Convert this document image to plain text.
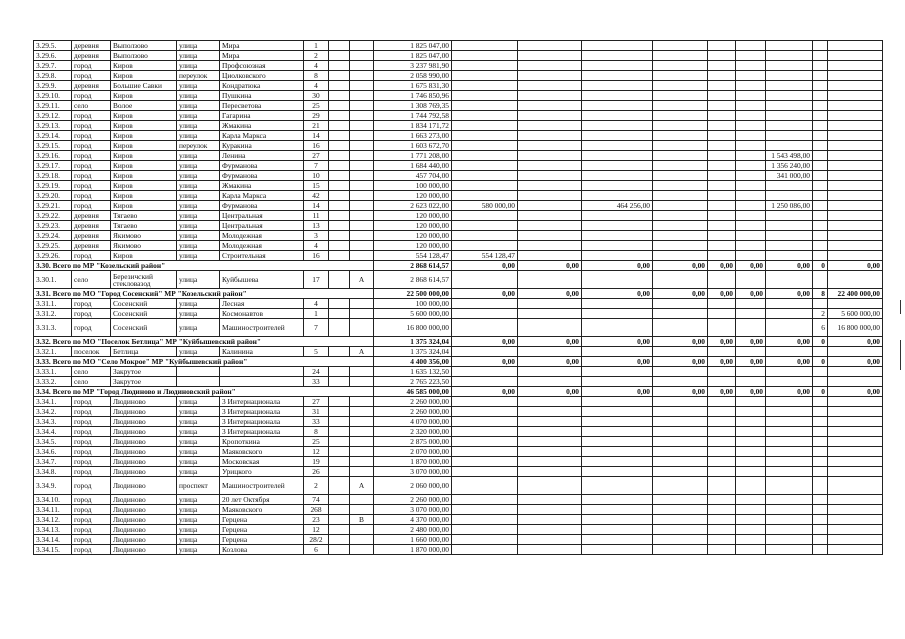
3.29.5.	деревня	Выползово	улица	Мира	1			1 825 047,00									
3.29.6.	деревня	Выползово	улица	Мира	2			1 825 047,00									
3.29.7.	город	Киров	улица	Профсоюзная	4			3 237 981,90									
3.29.8.	город	Киров	переулок	Циолковского	8			2 058 990,00									
3.29.9.	деревня	Большие Савки	улица	Кондратюка	4			1 675 831,30									
3.29.10.	город	Киров	улица	Пушкина	30			1 746 850,96									
3.29.11.	село	Волое	улица	Пересветова	25			1 308 769,35									
3.29.12.	город	Киров	улица	Гагарина	29			1 744 792,58									
3.29.13.	город	Киров	улица	Жмакина	21			1 834 171,72									
3.29.14.	город	Киров	улица	Карла Маркса	14			1 663 273,00									
3.29.15.	город	Киров	переулок	Куракина	16			1 603 672,70									
3.29.16.	город	Киров	улица	Ленина	27			1 771 208,00							1 543 498,00		
3.29.17.	город	Киров	улица	Фурманова	7			1 684 440,00							1 356 240,00		
3.29.18.	город	Киров	улица	Фурманова	10			457 704,00							341 000,00		
3.29.19.	город	Киров	улица	Жмакина	15			100 000,00									
3.29.20.	город	Киров	улица	Карла Маркса	42			120 000,00									
3.29.21.	город	Киров	улица	Фурманова	14			2 623 022,00	580 000,00		464 256,00				1 250 086,00		
3.29.22.	деревня	Тягаево	улица	Центральная	11			120 000,00									
3.29.23.	деревня	Тягаево	улица	Центральная	13			120 000,00									
3.29.24.	деревня	Якимово	улица	Молодежная	3			120 000,00									
3.29.25.	деревня	Якимово	улица	Молодежная	4			120 000,00									
3.29.26.	город	Киров	улица	Строительная	16			554 128,47	554 128,47								
3.30. Всего по МР "Козельский район"								2 868 614,57	0,00	0,00	0,00	0,00	0,00	0,00	0,00	0	0,00
3.30.1.	село	Березичский стекловазод	улица	Куйбышева	17		А	2 868 614,57									
3.31. Всего по МО "Город Сосенский" МР "Козельский район"								22 500 000,00	0,00	0,00	0,00	0,00	0,00	0,00	0,00	8	22 400 000,00
3.31.1.	город	Сосенский	улица	Лесная	4			100 000,00									
3.31.2.	город	Сосенский	улица	Космонавтов	1			5 600 000,00								2	5 600 000,00
3.31.3.	город	Сосенский	улица	Машиностроителей	7			16 800 000,00								6	16 800 000,00
3.32. Всего по МО "Поселок Бетлица" МР "Куйбышевский район"								1 375 324,04	0,00	0,00	0,00	0,00	0,00	0,00	0,00	0	0,00
3.32.1.	поселок	Бетлица	улица	Калинина	5		А	1 375 324,04									
3.33. Всего по МО "Село Мокрое" МР "Куйбышевский район"								4 400 356,00	0,00	0,00	0,00	0,00	0,00	0,00	0,00	0	0,00
3.33.1.	село	Закрутое			24			1 635 132,50									
3.33.2.	село	Закрутое			33			2 765 223,50									
3.34. Всего по МР "Город Людиново и Людиновский район"								46 585 000,00	0,00	0,00	0,00	0,00	0,00	0,00	0,00	0	0,00
3.34.1.	город	Людиново	улица	3 Интернационала	27			2 260 000,00									
3.34.2.	город	Людиново	улица	3 Интернационала	31			2 260 000,00									
3.34.3.	город	Людиново	улица	3 Интернационала	33			4 070 000,00									
3.34.4.	город	Людиново	улица	3 Интернационала	8			2 320 000,00									
3.34.5.	город	Людиново	улица	Кропоткина	25			2 875 000,00									
3.34.6.	город	Людиново	улица	Маяковского	12			2 070 000,00									
3.34.7.	город	Людиново	улица	Московская	19			1 870 000,00									
3.34.8.	город	Людиново	улица	Урицкого	26			3 070 000,00									
3.34.9.	город	Людиново	проспект	Машиностроителей	2		А	2 060 000,00									
3.34.10.	город	Людиново	улица	20 лет Октября	74			2 260 000,00									
3.34.11.	город	Людиново	улица	Маяковского	268			3 070 000,00									
3.34.12.	город	Людиново	улица	Герцена	23		В	4 370 000,00									
3.34.13.	город	Людиново	улица	Герцена	12			2 480 000,00									
3.34.14.	город	Людиново	улица	Герцена	28/2			1 660 000,00									
3.34.15.	город	Людиново	улица	Козлова	6			1 870 000,00									
